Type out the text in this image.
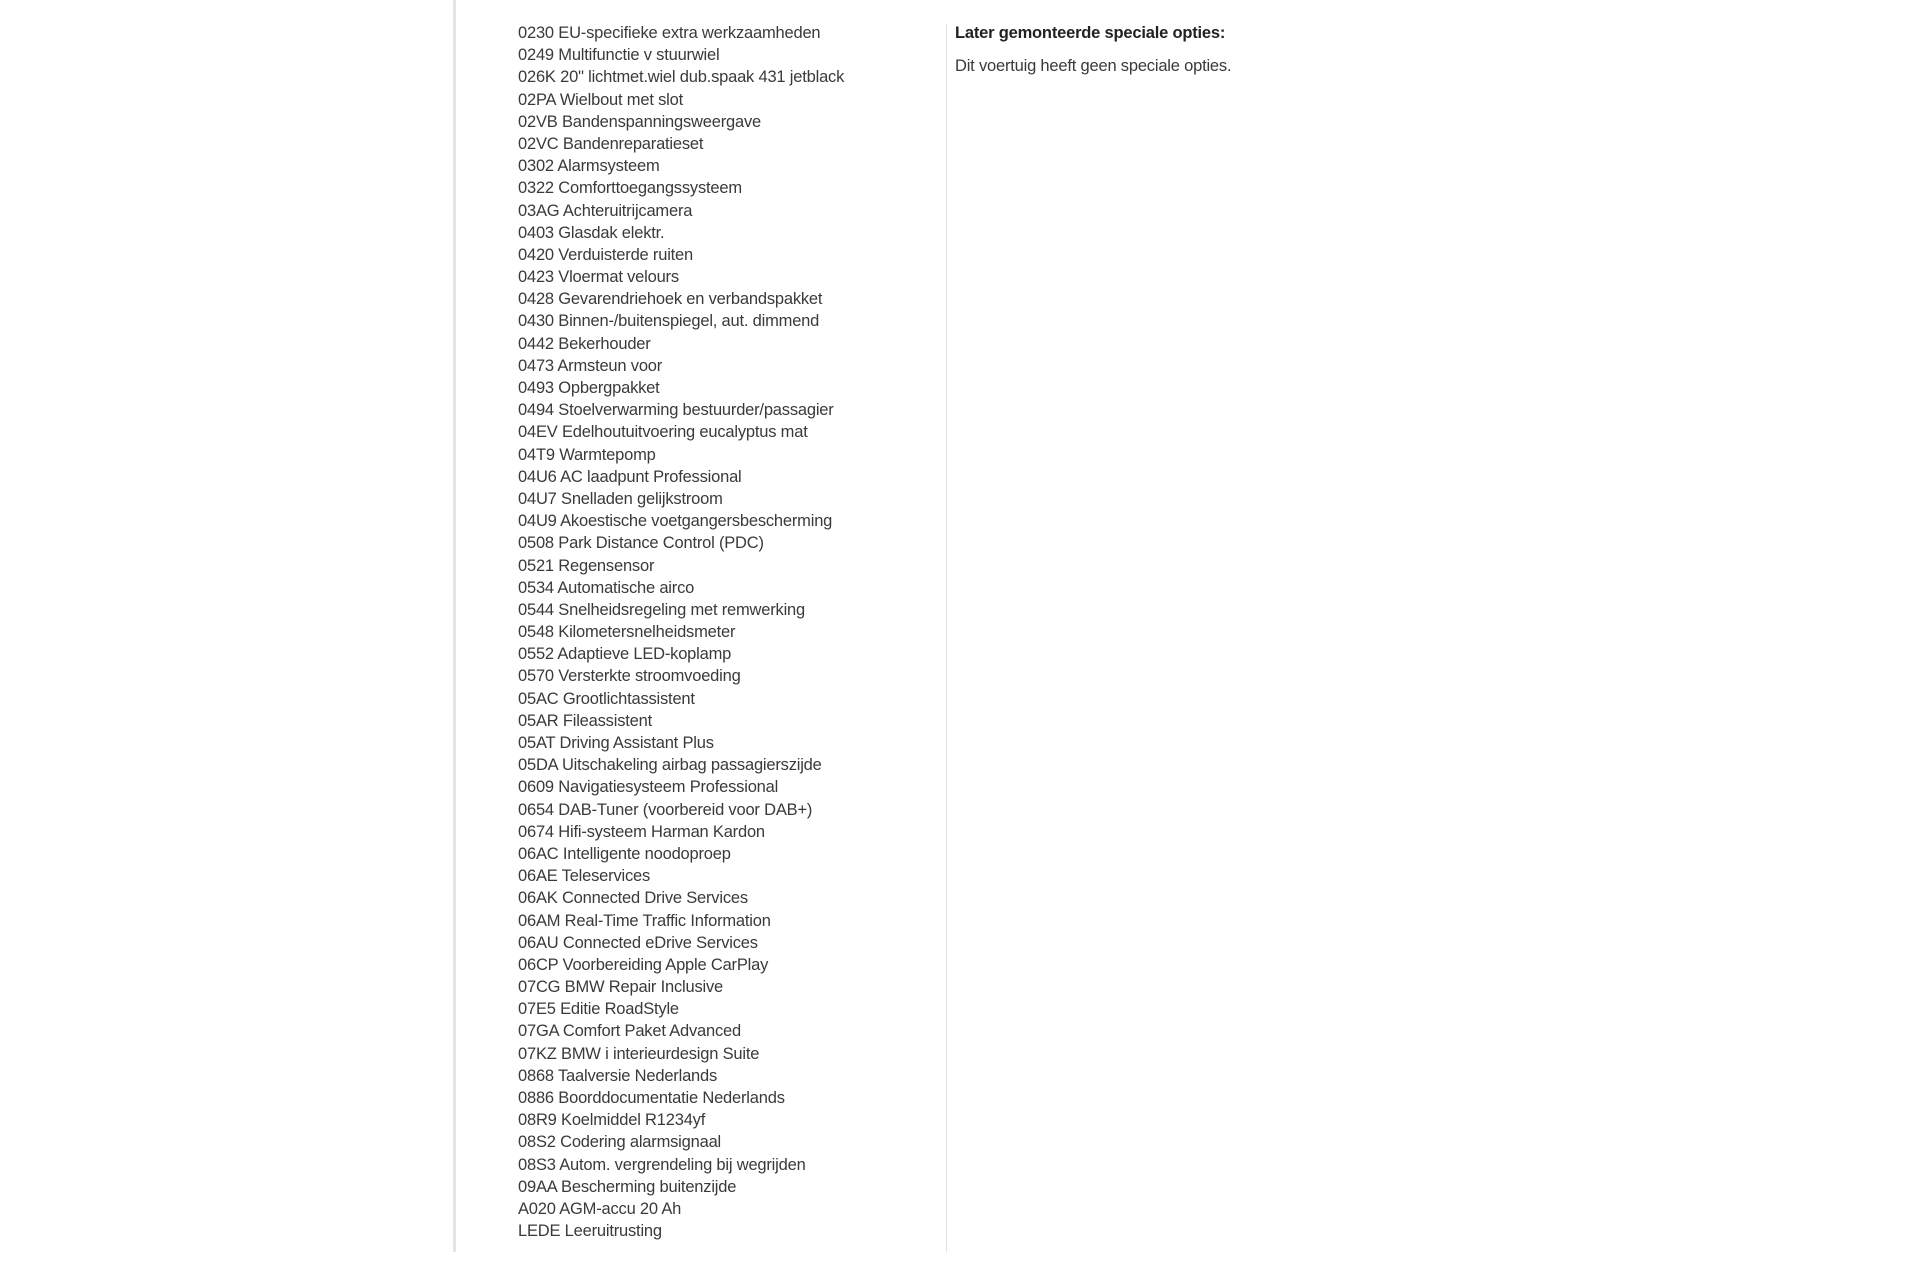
0230 EU-specifieke extra werkzaamheden
0249 Multifunctie v stuurwiel
026K 20" lichtmet.wiel dub.spaak 431 jetblack
02PA Wielbout met slot
02VB Bandenspanningsweergave
02VC Bandenreparatieset
0302 Alarmsysteem
0322 Comforttoegangssysteem
03AG Achteruitrijcamera
0403 Glasdak elektr.
0420 Verduisterde ruiten
0423 Vloermat velours
0428 Gevarendriehoek en verbandspakket
0430 Binnen-/buitenspiegel, aut. dimmend
0442 Bekerhouder
0473 Armsteun voor
0493 Opbergpakket
0494 Stoelverwarming bestuurder/passagier
04EV Edelhoutuitvoering eucalyptus mat
04T9 Warmtepomp
04U6 AC laadpunt Professional
04U7 Snelladen gelijkstroom
04U9 Akoestische voetgangersbescherming
0508 Park Distance Control (PDC)
0521 Regensensor
0534 Automatische airco
0544 Snelheidsregeling met remwerking
0548 Kilometersnelheidsmeter
0552 Adaptieve LED-koplamp
0570 Versterkte stroomvoeding
05AC Grootlichtassistent
05AR Fileassistent
05AT Driving Assistant Plus
05DA Uitschakeling airbag passagierszijde
0609 Navigatiesysteem Professional
0654 DAB-Tuner (voorbereid voor DAB+)
0674 Hifi-systeem Harman Kardon
06AC Intelligente noodoproep
06AE Teleservices
06AK Connected Drive Services
06AM Real-Time Traffic Information
06AU Connected eDrive Services
06CP Voorbereiding Apple CarPlay
07CG BMW Repair Inclusive
07E5 Editie RoadStyle
07GA Comfort Paket Advanced
07KZ BMW i interieurdesign Suite
0868 Taalversie Nederlands
0886 Boorddocumentatie Nederlands
08R9 Koelmiddel R1234yf
08S2 Codering alarmsignaal
08S3 Autom. vergrendeling bij wegrijden
09AA Bescherming buitenzijde
A020 AGM-accu 20 Ah
LEDE Leeruitrusting

Later gemonteerde speciale opties:

Dit voertuig heeft geen speciale opties.
